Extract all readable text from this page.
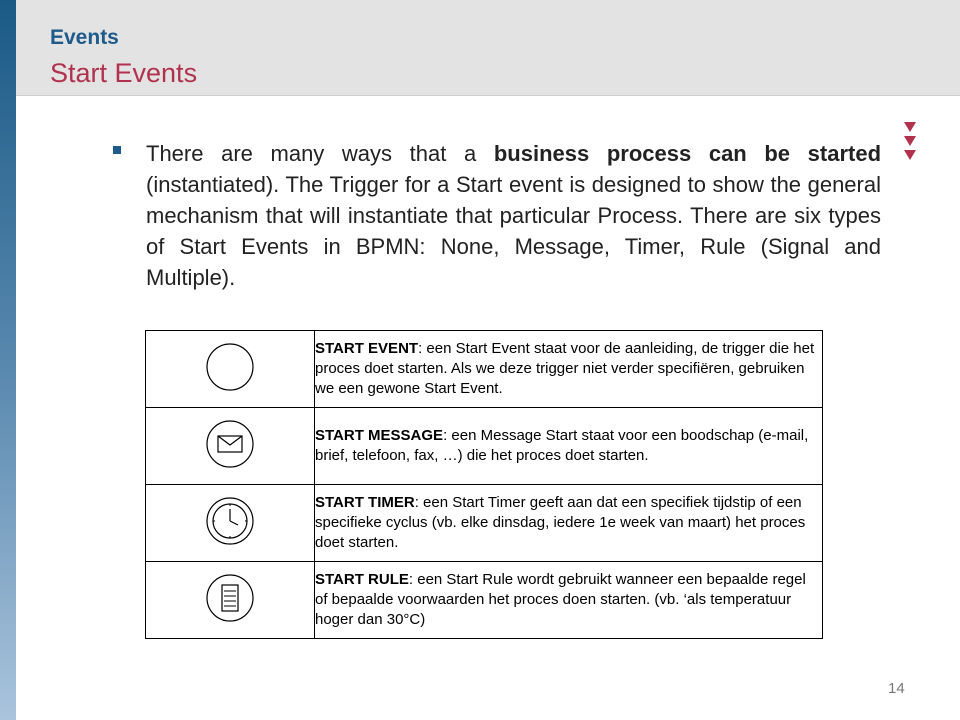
Events
Start Events
There are many ways that a business process can be started (instantiated). The Trigger for a Start event is designed to show the general mechanism that will instantiate that particular Process. There are six types of Start Events in BPMN: None, Message, Timer, Rule (Signal and Multiple).
	START EVENT: een Start Event staat voor de aanleiding, de trigger die het proces doet starten. Als we deze trigger niet verder specifiëren, gebruiken we een gewone Start Event.
	START MESSAGE: een Message Start staat voor een boodschap (e-mail, brief, telefoon, fax, …) die het proces doet starten.
	START TIMER: een Start Timer geeft aan dat een specifiek tijdstip of een specifieke cyclus (vb. elke dinsdag, iedere 1e week van maart) het proces doet starten.
	START RULE: een Start Rule wordt gebruikt wanneer een bepaalde regel of bepaalde voorwaarden het proces doen starten. (vb. ‘als temperatuur hoger dan 30°C)
14
